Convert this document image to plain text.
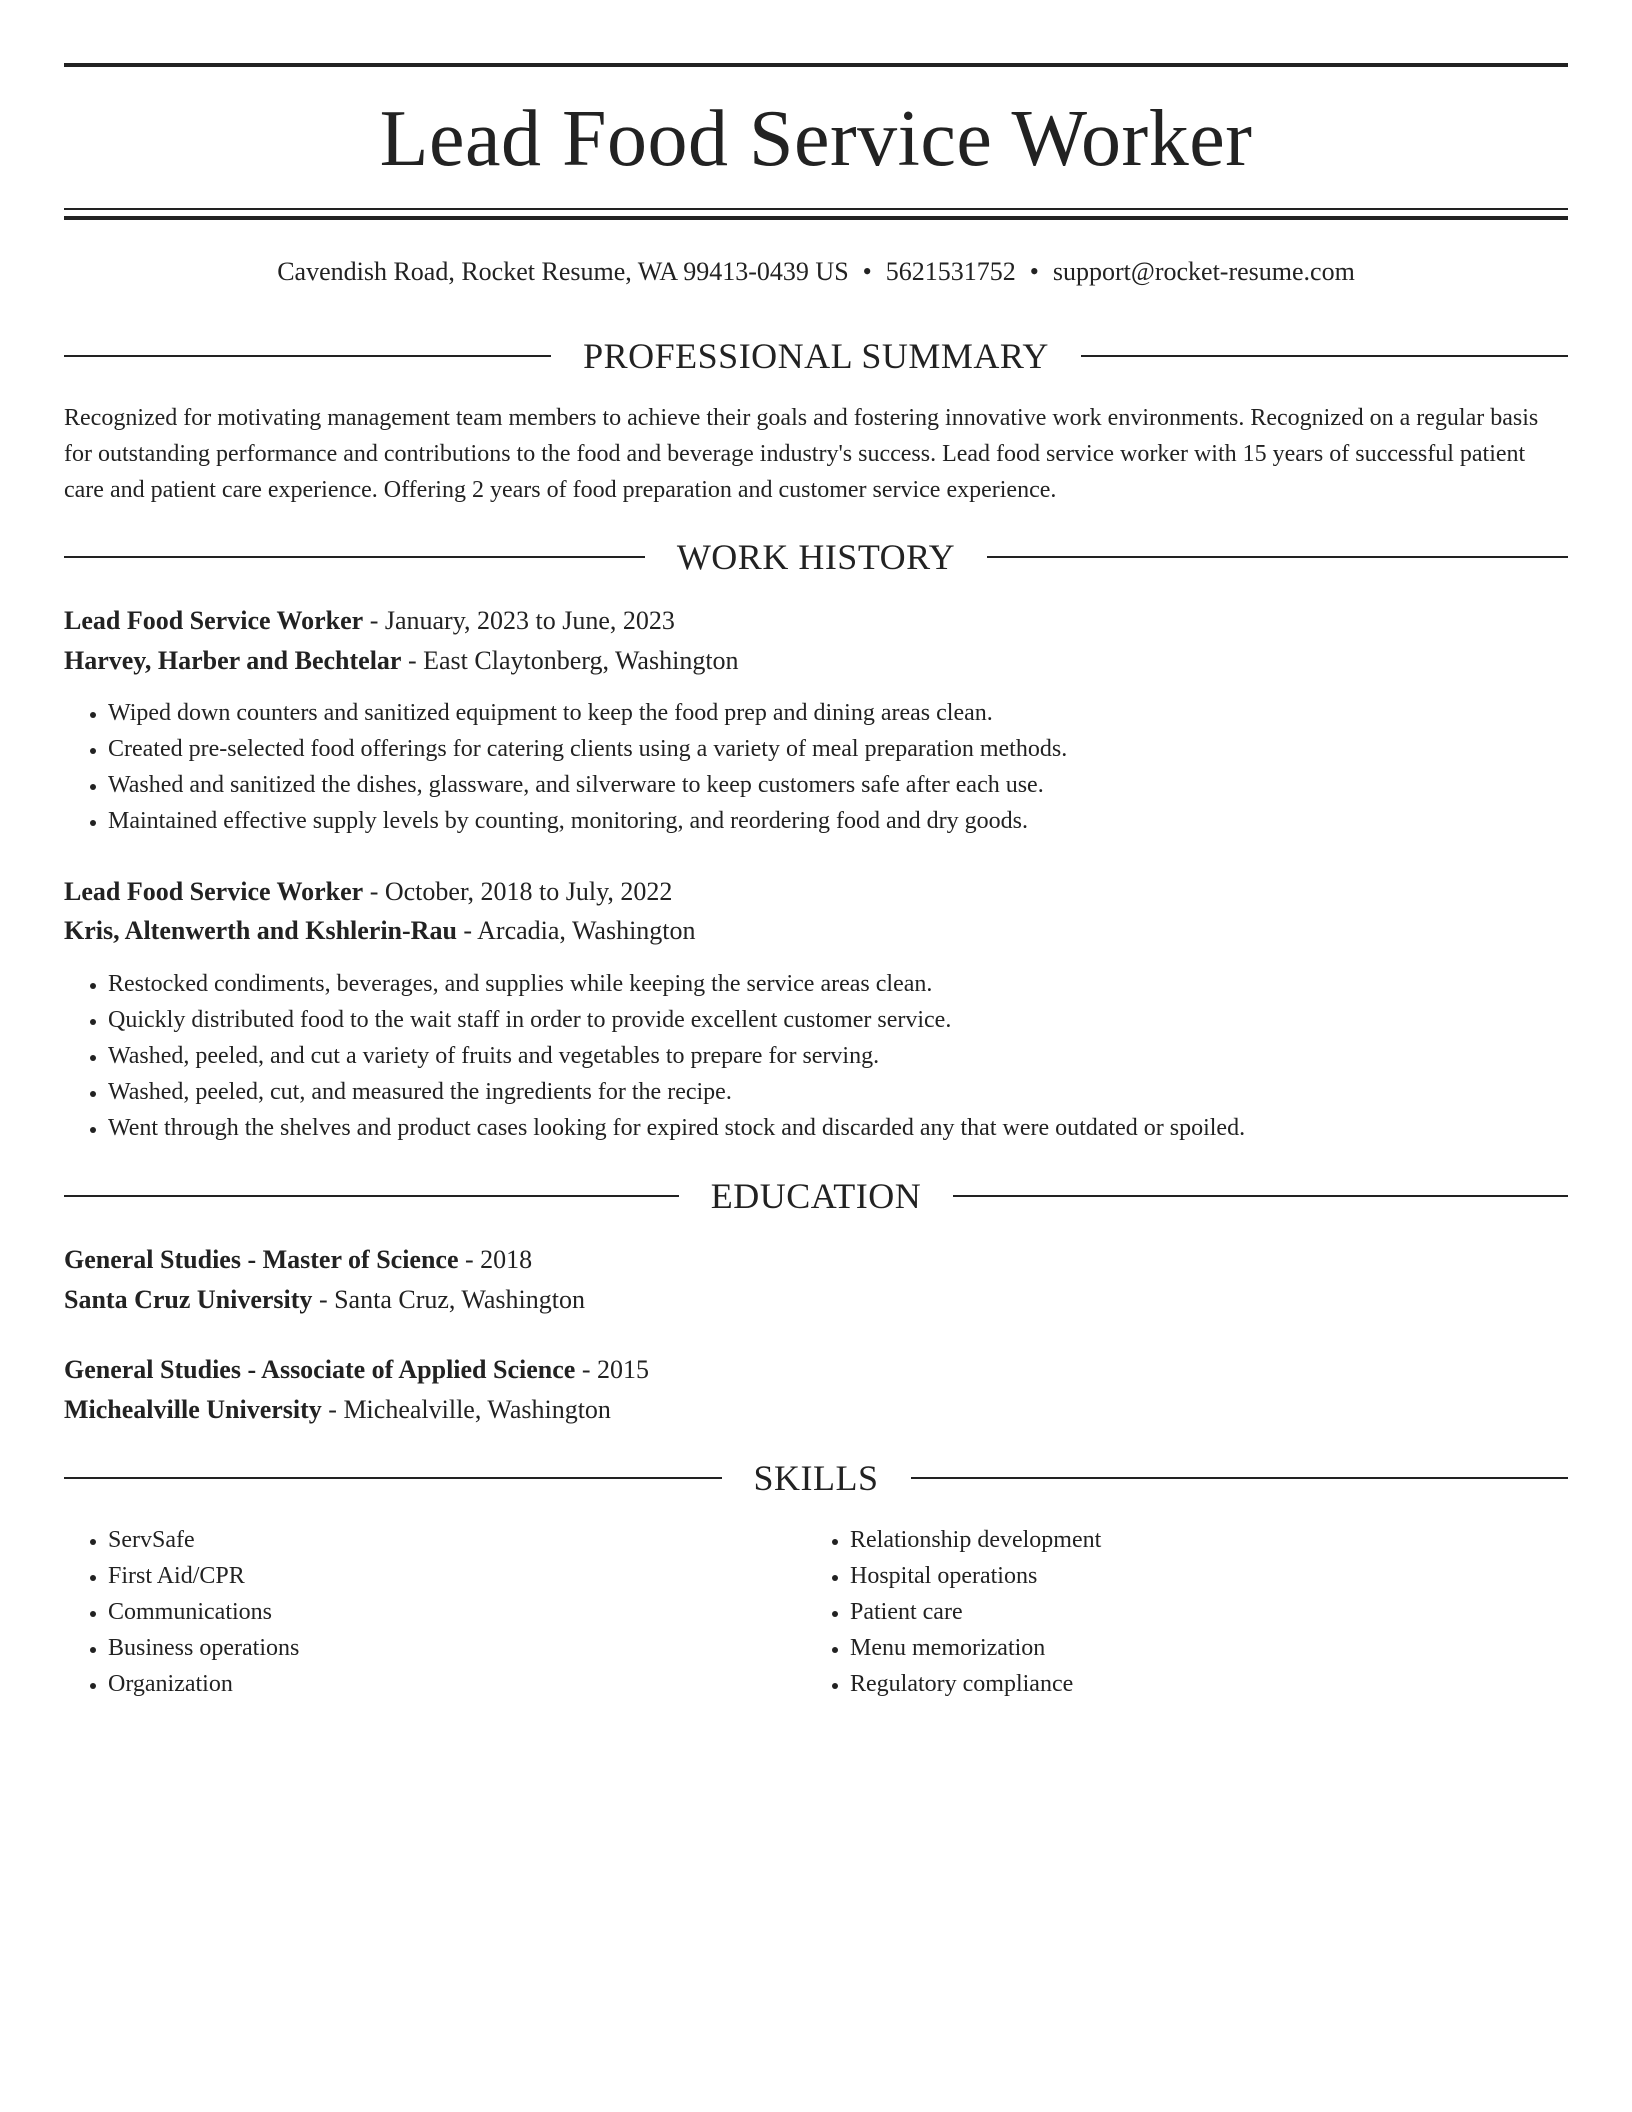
Lead Food Service Worker
Cavendish Road, Rocket Resume, WA 99413-0439 US • 5621531752 • support@rocket-resume.com
PROFESSIONAL SUMMARY

Recognized for motivating management team members to achieve their goals and fostering innovative work environments. Recognized on a regular basis for outstanding performance and contributions to the food and beverage industry's success. Lead food service worker with 15 years of successful patient care and patient care experience. Offering 2 years of food preparation and customer service experience.

WORK HISTORY
Lead Food Service Worker - January, 2023 to June, 2023
Harvey, Harber and Bechtelar - East Claytonberg, Washington
• Wiped down counters and sanitized equipment to keep the food prep and dining areas clean.
• Created pre-selected food offerings for catering clients using a variety of meal preparation methods.
• Washed and sanitized the dishes, glassware, and silverware to keep customers safe after each use.
• Maintained effective supply levels by counting, monitoring, and reordering food and dry goods.
Lead Food Service Worker - October, 2018 to July, 2022
Kris, Altenwerth and Kshlerin-Rau - Arcadia, Washington
• Restocked condiments, beverages, and supplies while keeping the service areas clean.
• Quickly distributed food to the wait staff in order to provide excellent customer service.
• Washed, peeled, and cut a variety of fruits and vegetables to prepare for serving.
• Washed, peeled, cut, and measured the ingredients for the recipe.
• Went through the shelves and product cases looking for expired stock and discarded any that were outdated or spoiled.
EDUCATION
General Studies - Master of Science - 2018
Santa Cruz University - Santa Cruz, Washington
General Studies - Associate of Applied Science - 2015
Michealville University - Michealville, Washington
SKILLS
• ServSafe
• First Aid/CPR
• Communications
• Business operations
• Organization
• Relationship development
• Hospital operations
• Patient care
• Menu memorization
• Regulatory compliance
